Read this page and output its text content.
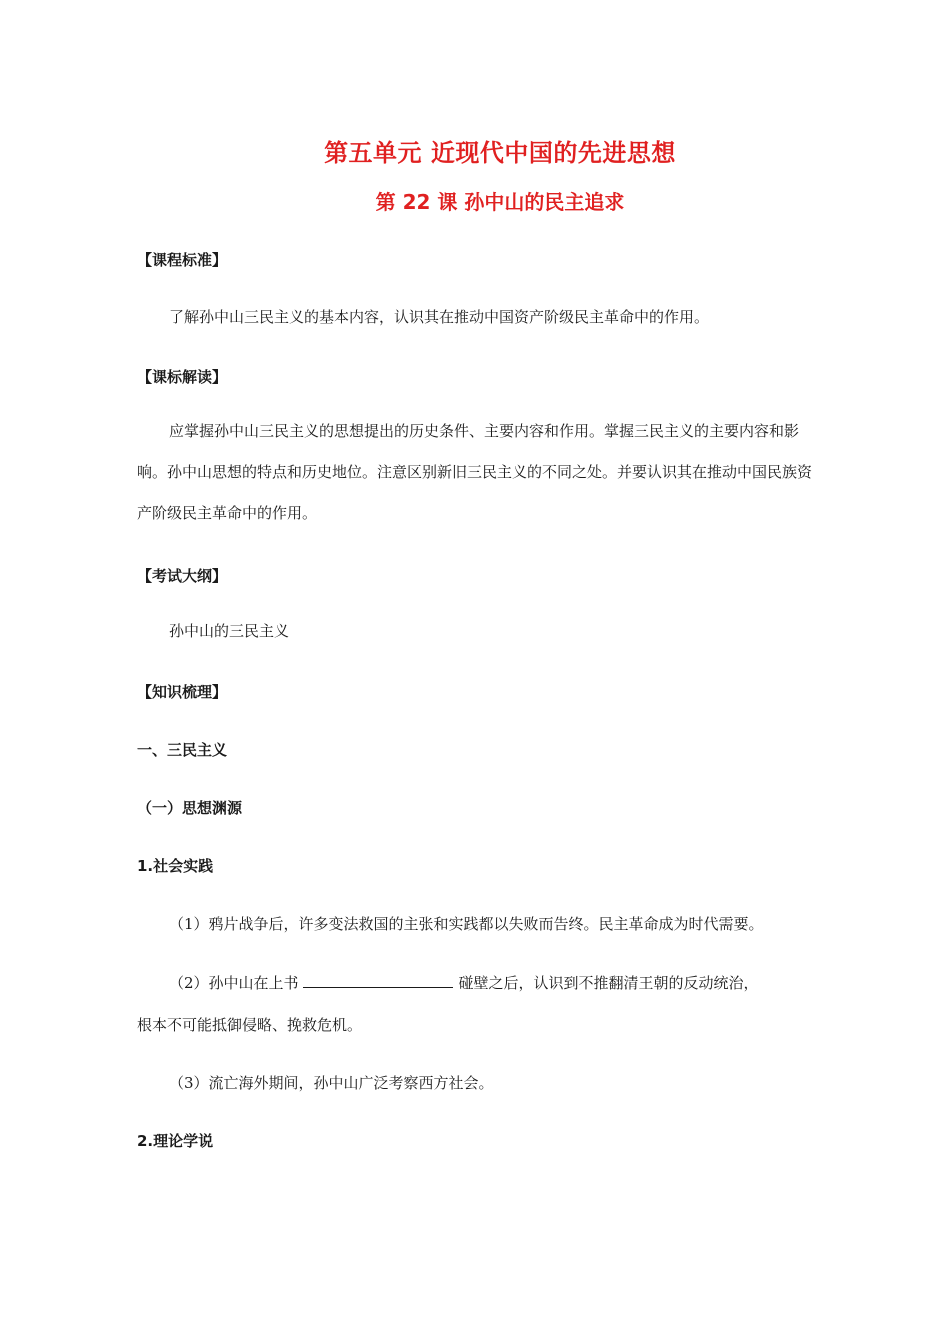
第五单元 近现代中国的先进思想
第 22 课 孙中山的民主追求
【课程标准】
了解孙中山三民主义的基本内容，认识其在推动中国资产阶级民主革命中的作用。
【课标解读】
应掌握孙中山三民主义的思想提出的历史条件、主要内容和作用。掌握三民主义的主要内容和影响。孙中山思想的特点和历史地位。注意区别新旧三民主义的不同之处。并要认识其在推动中国民族资产阶级民主革命中的作用。
【考试大纲】
孙中山的三民主义
【知识梳理】
一、三民主义
（一）思想渊源
1.社会实践
（1）鸦片战争后，许多变法救国的主张和实践都以失败而告终。民主革命成为时代需要。
（2）孙中山在上书	碰壁之后，认识到不推翻清王朝的反动统治，
根本不可能抵御侵略、挽救危机。
（3）流亡海外期间，孙中山广泛考察西方社会。
2.理论学说
